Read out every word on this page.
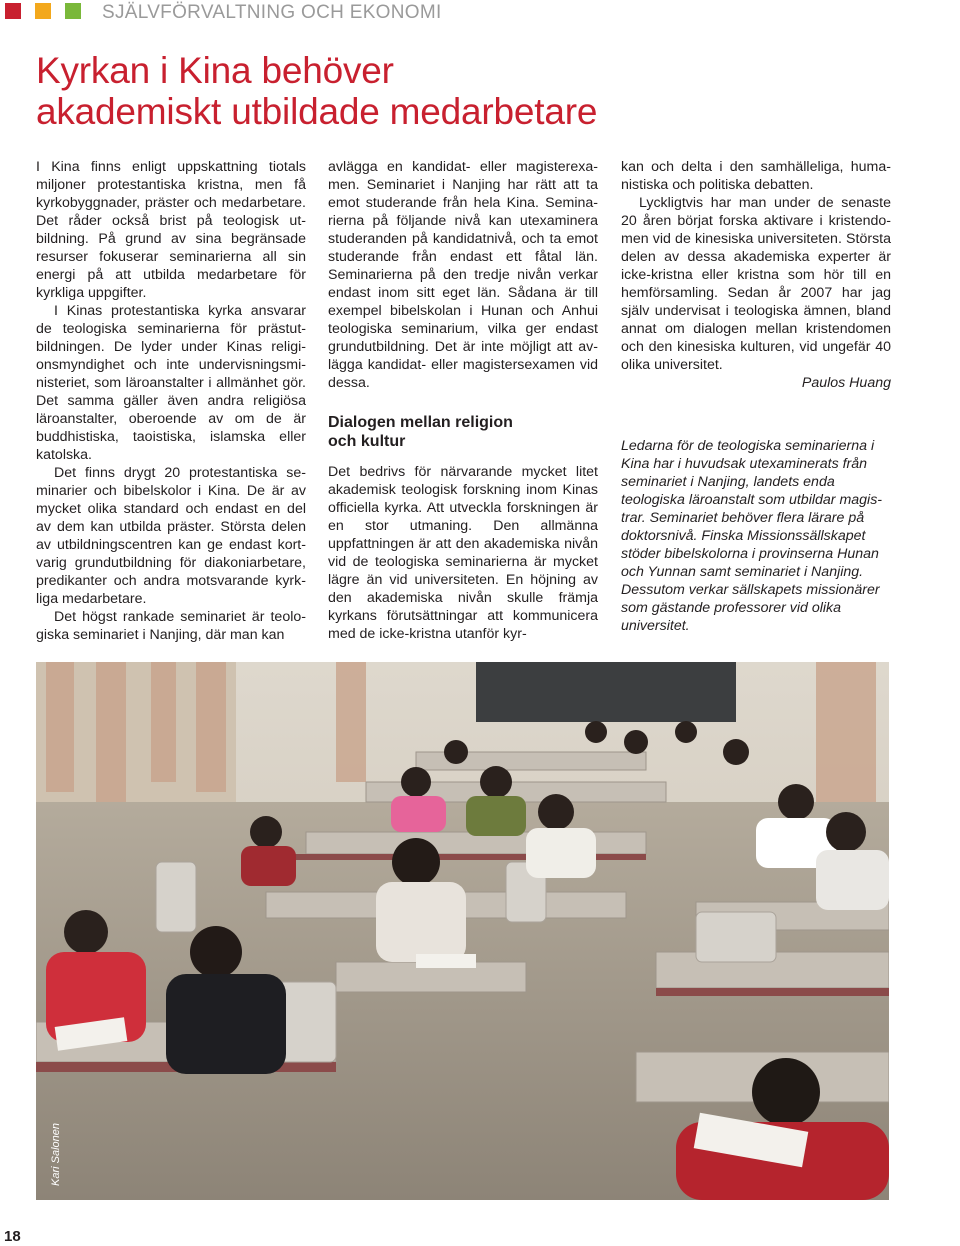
SJÄLVFÖRVALTNING OCH EKONOMI
Kyrkan i Kina behöver
akademiskt utbildade medarbetare

I Kina finns enligt uppskattning tiotals miljoner protestantiska kristna, men få kyrkobyggnader, präster och medarbetare. Det råder också brist på teologisk utbildning. På grund av sina begränsade resurser fokuserar seminarierna all sin energi på att utbilda medarbetare för kyrkliga uppgifter.

I Kinas protestantiska kyrka ansvarar de teologiska seminarierna för prästutbildningen. De lyder under Kinas religionsmyndighet och inte undervisningsministeriet, som läroanstalter i allmänhet gör. Det samma gäller även andra religiösa läroanstalter, oberoende av om de är buddhistiska, taoistiska, islamska eller katolska.

Det finns drygt 20 protestantiska seminarier och bibelskolor i Kina. De är av mycket olika standard och endast en del av dem kan utbilda präster. Största delen av utbildningscentren kan ge endast kortvarig grundutbildning för diakoniarbetare, predikanter och andra motsvarande kyrkliga medarbetare.

Det högst rankade seminariet är teologiska seminariet i Nanjing, där man kan

avlägga en kandidat- eller magisterexamen. Seminariet i Nanjing har rätt att ta emot studerande från hela Kina. Seminarierna på följande nivå kan utexaminera studeranden på kandidatnivå, och ta emot studerande från endast ett fåtal län. Seminarierna på den tredje nivån verkar endast inom sitt eget län. Sådana är till exempel bibelskolan i Hunan och Anhui teologiska seminarium, vilka ger endast grundutbildning. Det är inte möjligt att avlägga kandidat- eller magistersexamen vid dessa.

Dialogen mellan religion
och kultur

Det bedrivs för närvarande mycket litet akademisk teologisk forskning inom Kinas officiella kyrka. Att utveckla forskningen är en stor utmaning. Den allmänna uppfattningen är att den akademiska nivån vid de teologiska seminarierna är mycket lägre än vid universiteten. En höjning av den akademiska nivån skulle främja kyrkans förutsättningar att kommunicera med de icke-kristna utanför kyr-

kan och delta i den samhälleliga, humanistiska och politiska debatten.

Lyckligtvis har man under de senaste 20 åren börjat forska aktivare i kristendomen vid de kinesiska universiteten. Största delen av dessa akademiska experter är icke-kristna eller kristna som hör till en hemförsamling. Sedan år 2007 har jag själv undervisat i teologiska ämnen, bland annat om dialogen mellan kristendomen och den kinesiska kulturen, vid ungefär 40 olika universitet.

Paulos Huang

Ledarna för de teologiska seminarierna i Kina har i huvudsak utexaminerats från seminariet i Nanjing, landets enda teologiska läroanstalt som utbildar magistrar. Seminariet behöver flera lärare på doktorsnivå. Finska Missionssällskapet stöder bibelskolorna i provinserna Hunan och Yunnan samt seminariet i Nanjing. Dessutom verkar sällskapets missionärer som gästande professorer vid olika universitet.

Kari Salonen
18
